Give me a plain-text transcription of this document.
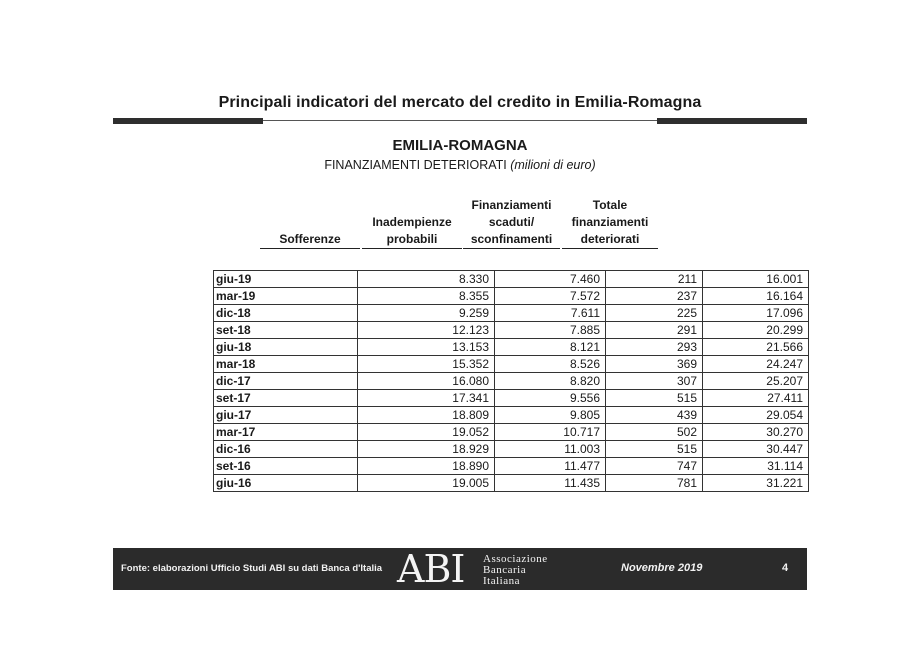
Principali indicatori del mercato del credito in Emilia-Romagna
EMILIA-ROMAGNA
FINANZIAMENTI DETERIORATI (milioni di euro)
Sofferenze
Inadempienze
probabili
Finanziamenti
scaduti/
sconfinamenti
Totale
finanziamenti
deteriorati
giu-19	8.330	7.460	211	16.001
mar-19	8.355	7.572	237	16.164
dic-18	9.259	7.611	225	17.096
set-18	12.123	7.885	291	20.299
giu-18	13.153	8.121	293	21.566
mar-18	15.352	8.526	369	24.247
dic-17	16.080	8.820	307	25.207
set-17	17.341	9.556	515	27.411
giu-17	18.809	9.805	439	29.054
mar-17	19.052	10.717	502	30.270
dic-16	18.929	11.003	515	30.447
set-16	18.890	11.477	747	31.114
giu-16	19.005	11.435	781	31.221
Fonte: elaborazioni Ufficio Studi ABI su dati Banca d'Italia ABI Associazione
Bancaria
Italiana
Novembre 2019	4
